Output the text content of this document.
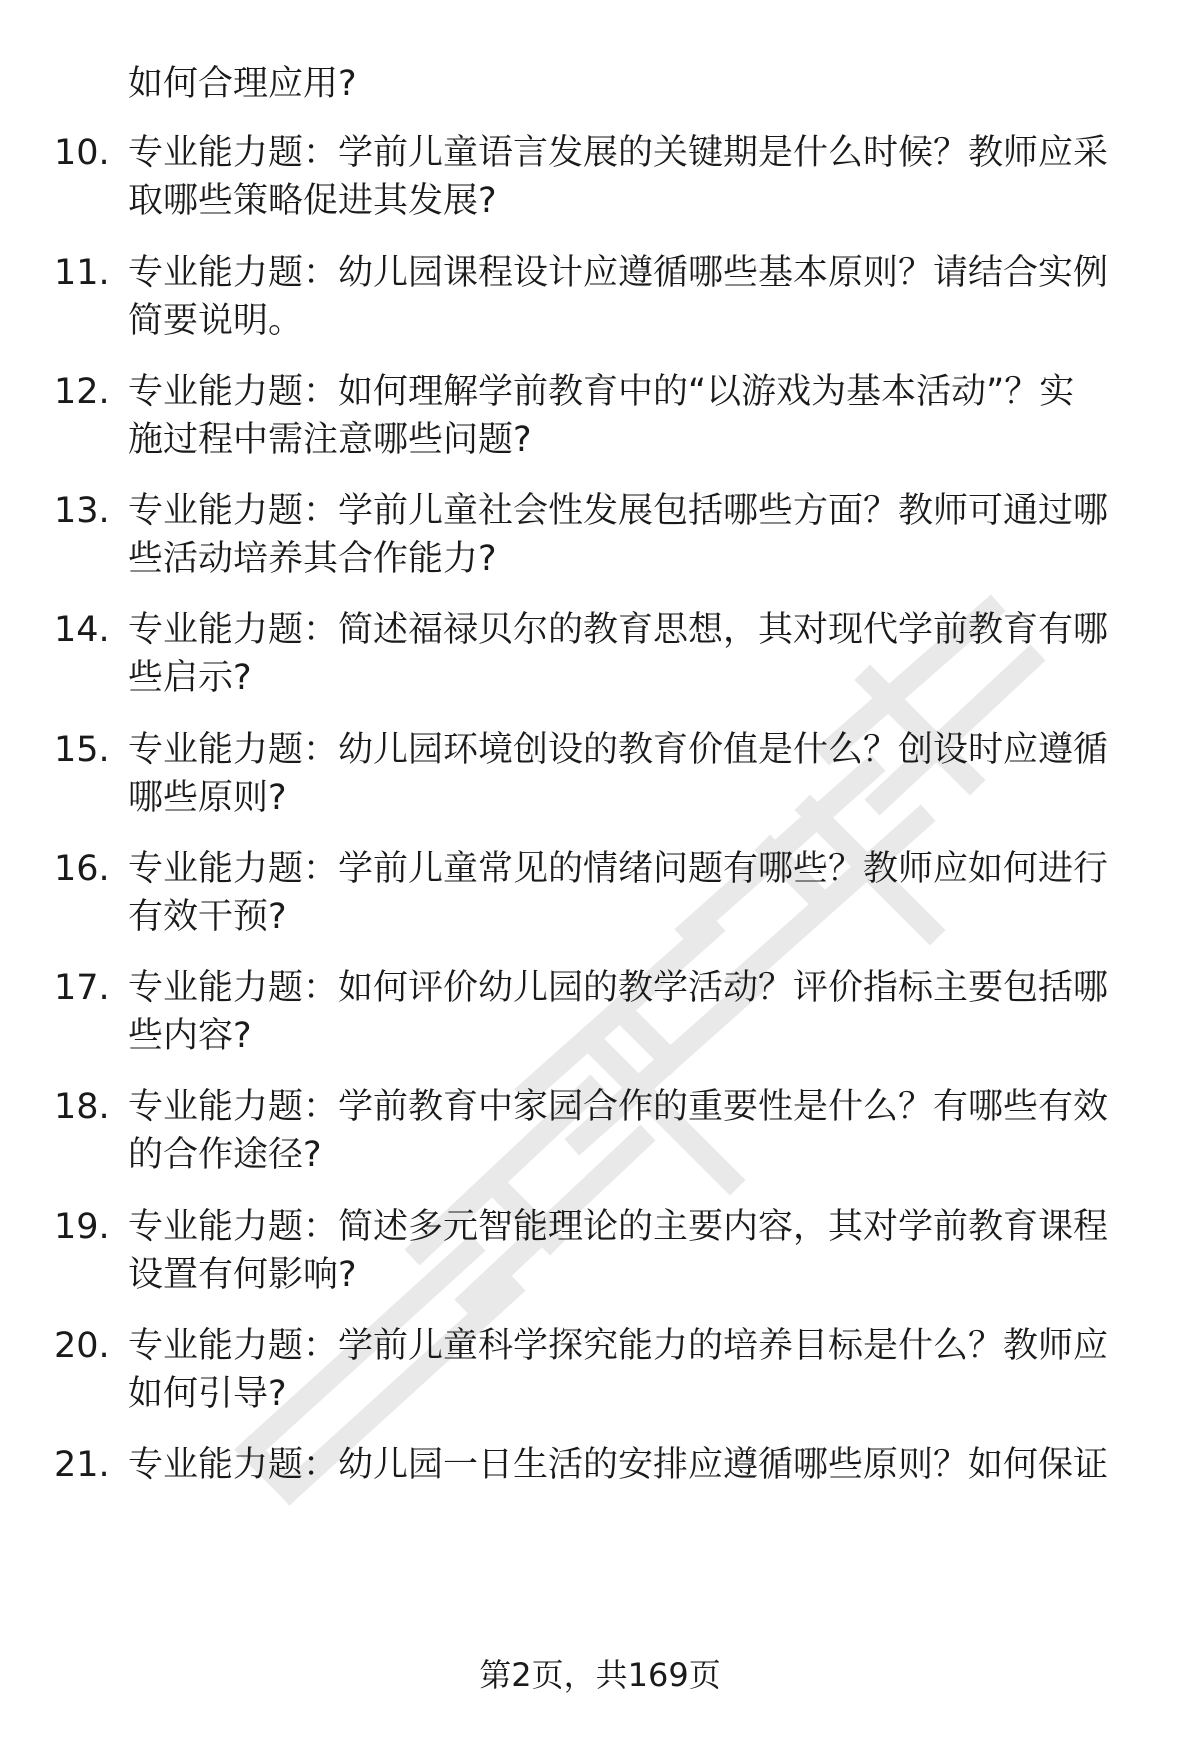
如何合理应用?
10. 专业能力题：学前儿童语言发展的关键期是什么时候？教师应采
取哪些策略促进其发展?
11. 专业能力题：幼儿园课程设计应遵循哪些基本原则？请结合实例
简要说明。
12. 专业能力题：如何理解学前教育中的“以游戏为基本活动”？实
施过程中需注意哪些问题?
13. 专业能力题：学前儿童社会性发展包括哪些方面？教师可通过哪
些活动培养其合作能力?
14. 专业能力题：简述福禄贝尔的教育思想，其对现代学前教育有哪
些启示?
15. 专业能力题：幼儿园环境创设的教育价值是什么？创设时应遵循
哪些原则?
16. 专业能力题：学前儿童常见的情绪问题有哪些？教师应如何进行
有效干预?
17. 专业能力题：如何评价幼儿园的教学活动？评价指标主要包括哪
些内容?
18. 专业能力题：学前教育中家园合作的重要性是什么？有哪些有效
的合作途径?
19. 专业能力题：简述多元智能理论的主要内容，其对学前教育课程
设置有何影响?
20. 专业能力题：学前儿童科学探究能力的培养目标是什么？教师应
如何引导?
21. 专业能力题：幼儿园一日生活的安排应遵循哪些原则？如何保证
第2页，共169页
